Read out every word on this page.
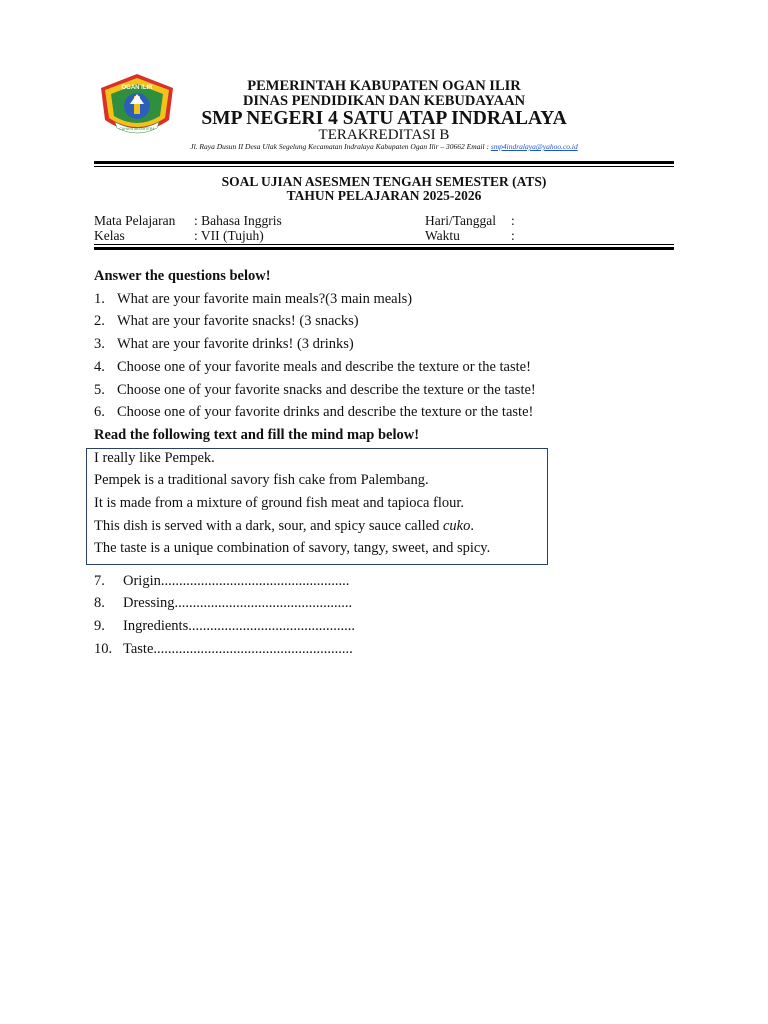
OGAN ILIR
CAHAYA SEJAHTERA
PEMERINTAH KABUPATEN OGAN ILIR
DINAS PENDIDIKAN DAN KEBUDAYAAN
SMP NEGERI 4 SATU ATAP INDRALAYA
TERAKREDITASI B
Jl. Raya Dusun II Desa Ulak Segelung Kecamatan Indralaya Kabupaten Ogan Ilir – 30662 Email : smp4indralaya@yahoo.co.id
SOAL UJIAN ASESMEN TENGAH SEMESTER (ATS)
TAHUN PELAJARAN 2025-2026
Mata Pelajaran : Bahasa Inggris	Hari/Tanggal :
Kelas	: VII (Tujuh)	Waktu	:
Answer the questions below!
1. What are your favorite main meals?(3 main meals)
2. What are your favorite snacks! (3 snacks)
3. What are your favorite drinks! (3 drinks)
4. Choose one of your favorite meals and describe the texture or the taste!
5. Choose one of your favorite snacks and describe the texture or the taste!
6. Choose one of your favorite drinks and describe the texture or the taste!
Read the following text and fill the mind map below!
I really like Pempek.
Pempek is a traditional savory fish cake from Palembang.
It is made from a mixture of ground fish meat and tapioca flour.
This dish is served with a dark, sour, and spicy sauce called cuko.
The taste is a unique combination of savory, tangy, sweet, and spicy.
7. Origin....................................................
8. Dressing.................................................
9. Ingredients..............................................
10. Taste.......................................................
